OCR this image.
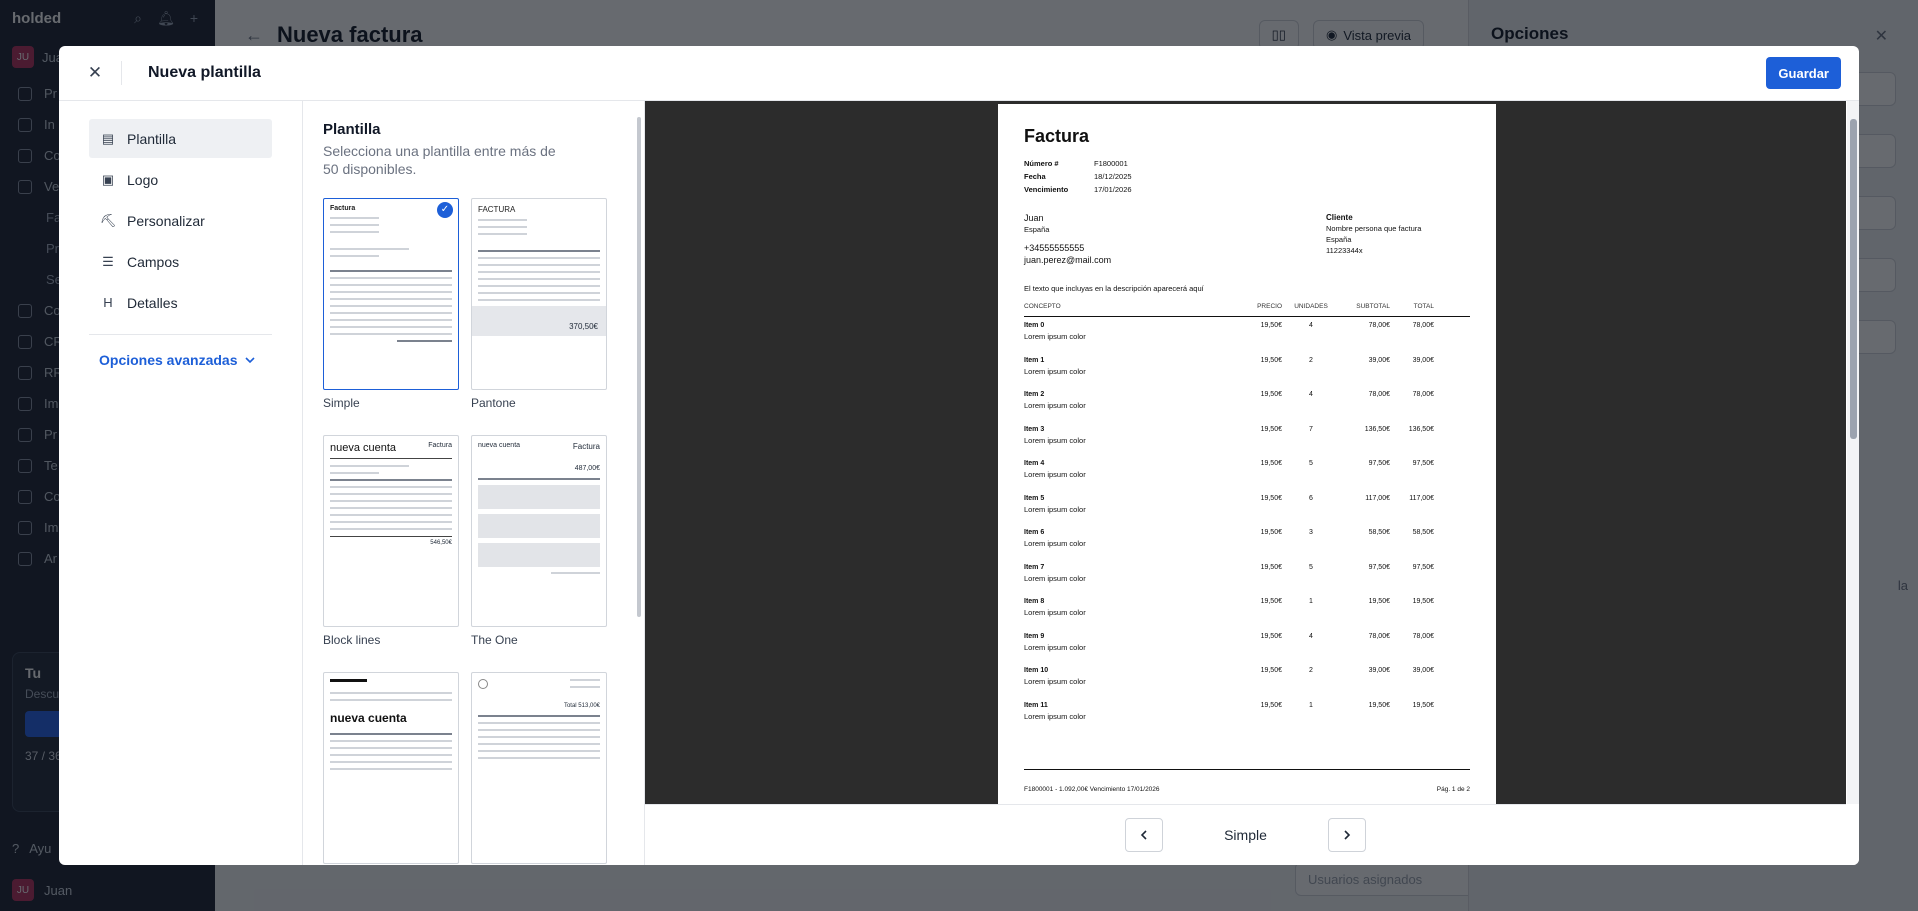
✕	Nueva plantilla	Guardar
▤ Plantilla
▣ Logo
⛏ Personalizar
☰ Campos
H Detalles
Opciones avanzadas
Plantilla
Selecciona una plantilla entre más de 50 disponibles.
Factura	✓
Simple
FACTURA
370,50€
Pantone
nueva cuenta	Factura
546,50€
Block lines
nueva cuenta	Factura
487,00€
The One
nueva cuenta
Total 513,00€
Factura
Número #	F1800001
Fecha	18/12/2025
Vencimiento	17/01/2026
Juan
España
+34555555555
juan.perez@mail.com
Cliente
Nombre persona que factura
España
11223344x
El texto que incluyas en la descripción aparecerá aquí
CONCEPTO	PRECIO	UNIDADES	SUBTOTAL	TOTAL
Item 0
Lorem ipsum color
19,50€	4	78,00€	78,00€
Item 1
Lorem ipsum color
19,50€	2	39,00€	39,00€
Item 2
Lorem ipsum color
19,50€	4	78,00€	78,00€
Item 3
Lorem ipsum color
19,50€	7	136,50€	136,50€
Item 4
Lorem ipsum color
19,50€	5	97,50€	97,50€
Item 5
Lorem ipsum color
19,50€	6	117,00€	117,00€
Item 6
Lorem ipsum color
19,50€	3	58,50€	58,50€
Item 7
Lorem ipsum color
19,50€	5	97,50€	97,50€
Item 8
Lorem ipsum color
19,50€	1	19,50€	19,50€
Item 9
Lorem ipsum color
19,50€	4	78,00€	78,00€
Item 10
Lorem ipsum color
19,50€	2	39,00€	39,00€
Item 11
Lorem ipsum color
19,50€	1	19,50€	19,50€
F1800001 - 1.092,00€ Vencimiento 17/01/2026	Pág. 1 de 2
Simple
